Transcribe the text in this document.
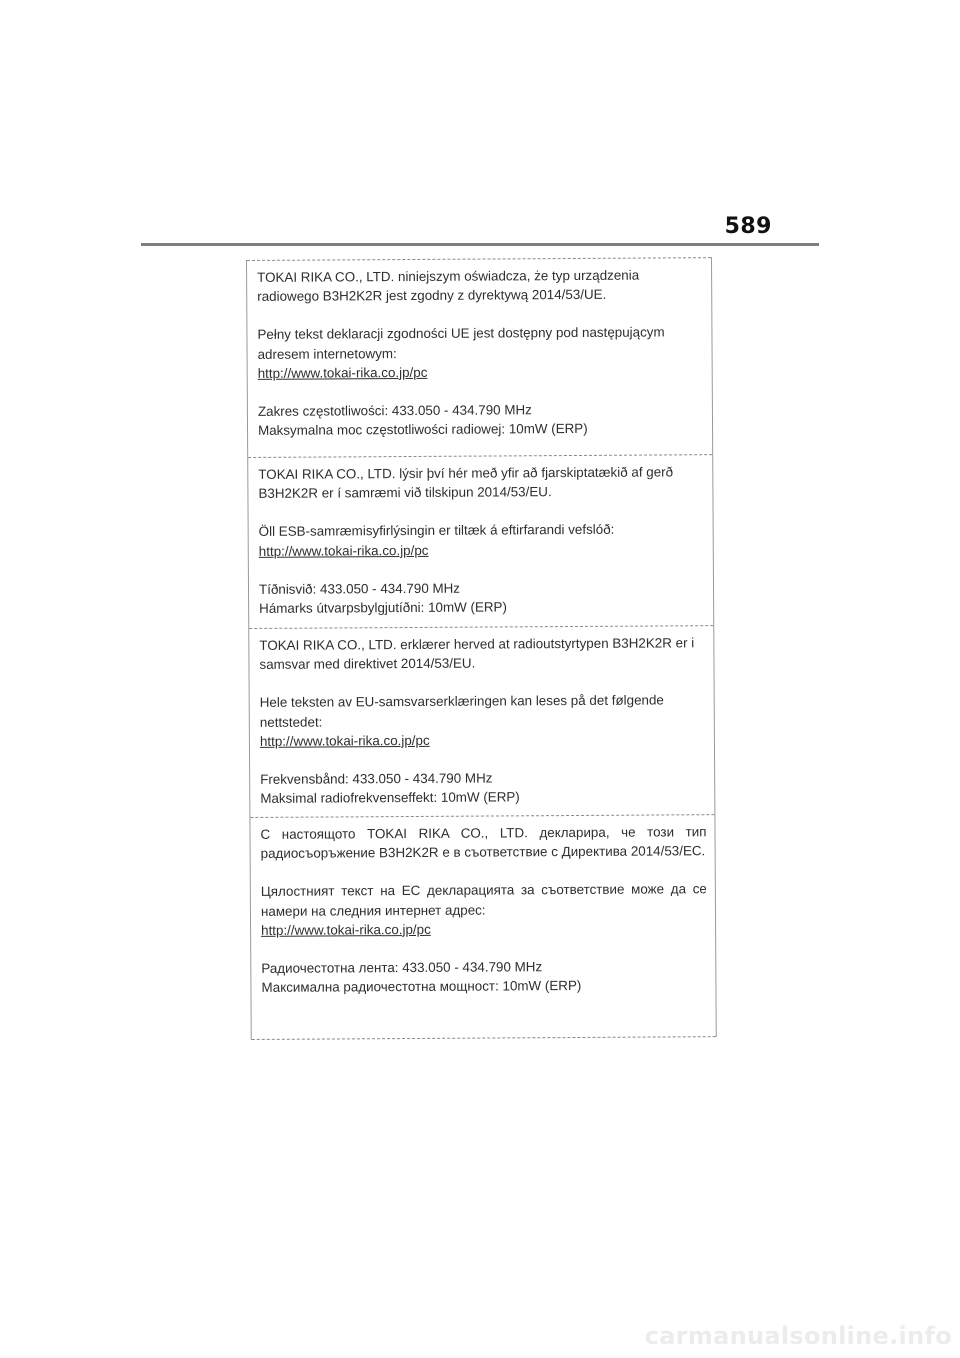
589

TOKAI RIKA CO., LTD. niniejszym oświadcza, że typ urządzenia radiowego B3H2K2R jest zgodny z dyrektywą 2014/53/UE.

Pełny tekst deklaracji zgodności UE jest dostępny pod następującym adresem internetowym:
http://www.tokai-rika.co.jp/pc

Zakres częstotliwości: 433.050 - 434.790 MHz
Maksymalna moc częstotliwości radiowej: 10mW (ERP)

TOKAI RIKA CO., LTD. lýsir því hér með yfir að fjarskiptatækið af gerð B3H2K2R er í samræmi við tilskipun 2014/53/EU.

Öll ESB-samræmisyfirlýsingin er tiltæk á eftirfarandi vefslóð:
http://www.tokai-rika.co.jp/pc

Tíðnisvið: 433.050 - 434.790 MHz
Hámarks útvarpsbylgjutíðni: 10mW (ERP)

TOKAI RIKA CO., LTD. erklærer herved at radioutstyrtypen B3H2K2R er i samsvar med direktivet 2014/53/EU.

Hele teksten av EU-samsvarserklæringen kan leses på det følgende nettstedet:
http://www.tokai-rika.co.jp/pc

Frekvensbånd: 433.050 - 434.790 MHz
Maksimal radiofrekvenseffekt: 10mW (ERP)

С настоящото TOKAI RIKA CO., LTD. декларира, че този тип радиосъоръжение B3H2K2R е в съответствие с Директива 2014/53/ЕС.

Цялостният текст на ЕС декларацията за съответствие може да се намери на следния интернет адрес:
http://www.tokai-rika.co.jp/pc

Радиочестотна лента: 433.050 - 434.790 MHz
Максимална радиочестотна мощност: 10mW (ERP)

carmanualsonline.info
